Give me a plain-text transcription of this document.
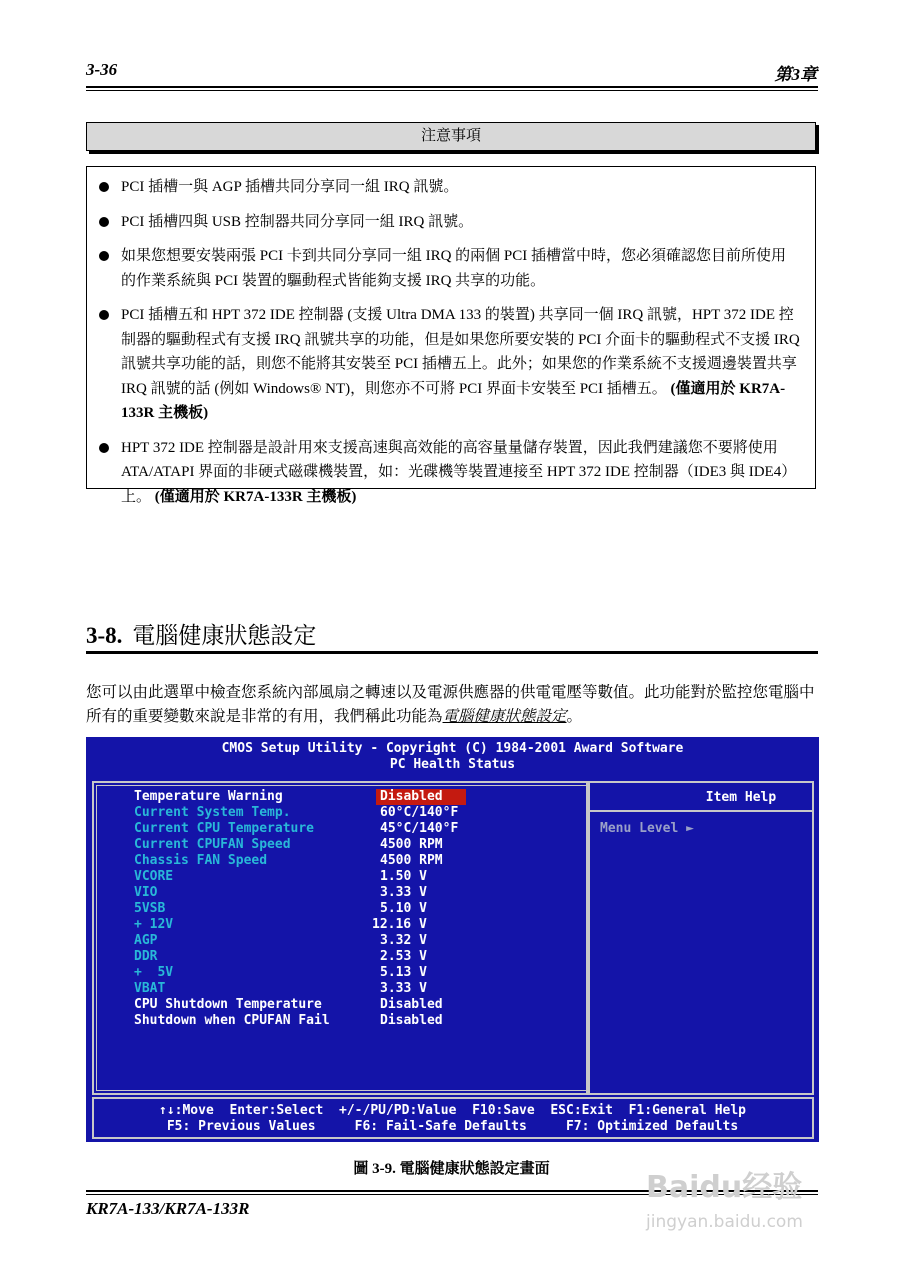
3-36	第3章
注意事項
PCI 插槽一與 AGP 插槽共同分享同一組 IRQ 訊號。
PCI 插槽四與 USB 控制器共同分享同一組 IRQ 訊號。
如果您想要安裝兩張 PCI 卡到共同分享同一組 IRQ 的兩個 PCI 插槽當中時，您必須確認您目前所使用的作業系統與 PCI 裝置的驅動程式皆能夠支援 IRQ 共享的功能。
PCI 插槽五和 HPT 372 IDE 控制器 (支援 Ultra DMA 133 的裝置) 共享同一個 IRQ 訊號，HPT 372 IDE 控制器的驅動程式有支援 IRQ 訊號共享的功能，但是如果您所要安裝的 PCI 介面卡的驅動程式不支援 IRQ 訊號共享功能的話，則您不能將其安裝至 PCI 插槽五上。此外；如果您的作業系統不支援週邊裝置共享 IRQ 訊號的話 (例如 Windows® NT)，則您亦不可將 PCI 界面卡安裝至 PCI 插槽五。 (僅適用於 KR7A-133R 主機板)
HPT 372 IDE 控制器是設計用來支援高速與高效能的高容量量儲存裝置，因此我們建議您不要將使用 ATA/ATAPI 界面的非硬式磁碟機裝置，如：光碟機等裝置連接至 HPT 372 IDE 控制器（IDE3 與 IDE4）上。 (僅適用於 KR7A-133R 主機板)
3-8. 電腦健康狀態設定
您可以由此選單中檢查您系統內部風扇之轉速以及電源供應器的供電電壓等數值。此功能對於監控您電腦中所有的重要變數來說是非常的有用，我們稱此功能為電腦健康狀態設定。
CMOS Setup Utility - Copyright (C) 1984-2001 Award Software
PC Health Status
Temperature Warning	Disabled
Current System Temp.	60°C/140°F
Current CPU Temperature	45°C/140°F
Current CPUFAN Speed	4500 RPM
Chassis FAN Speed	4500 RPM
VCORE	1.50 V
VIO	3.33 V
5VSB	5.10 V
+ 12V	12.16 V
AGP	3.32 V
DDR	2.53 V
+  5V	5.13 V
VBAT	3.33 V
CPU Shutdown Temperature	Disabled
Shutdown when CPUFAN Fail	Disabled
Item Help
Menu Level ►
↑↓:Move  Enter:Select  +/-/PU/PD:Value  F10:Save  ESC:Exit  F1:General Help
F5: Previous Values     F6: Fail-Safe Defaults     F7: Optimized Defaults
圖 3-9. 電腦健康狀態設定畫面
KR7A-133/KR7A-133R
Baidu经验
jingyan.baidu.com
